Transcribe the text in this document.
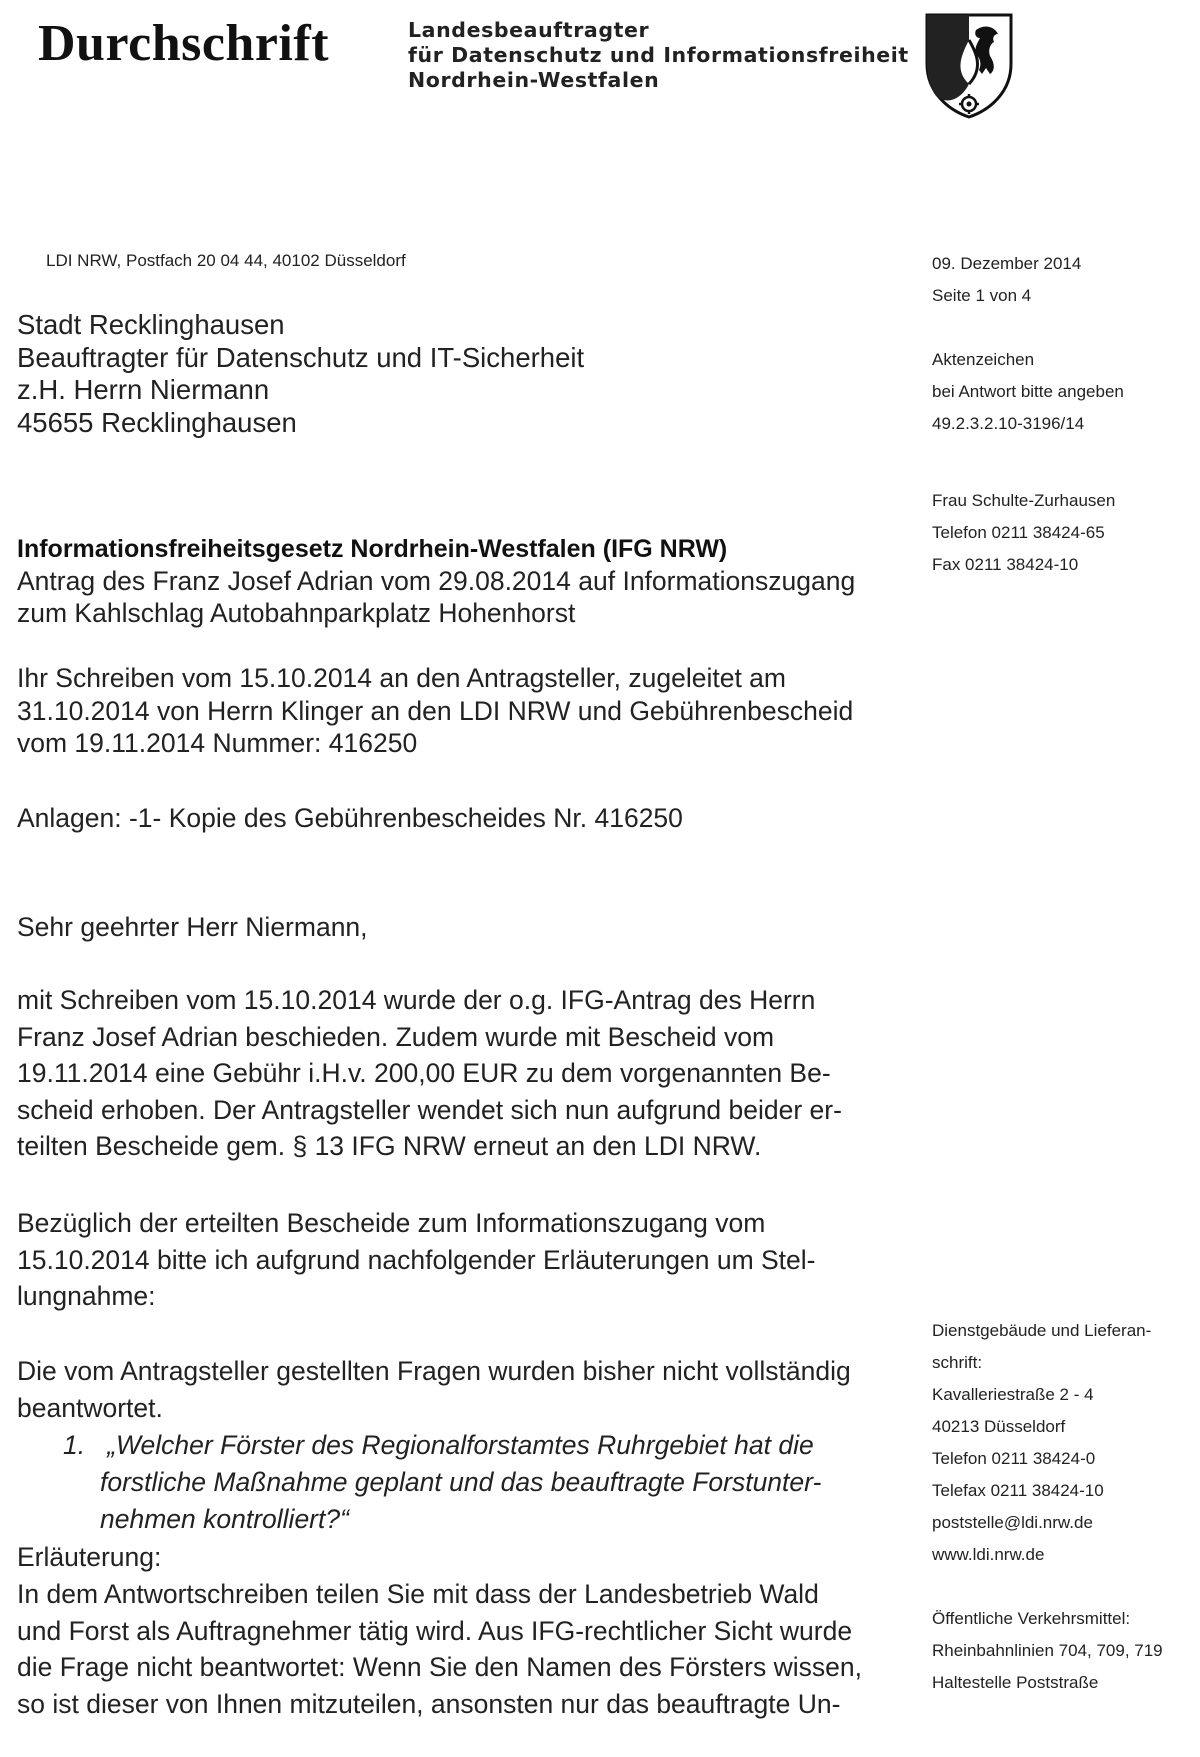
Durchschrift	Landesbeauftragter
für Datenschutz und Informationsfreiheit
Nordrhein-Westfalen
LDI NRW, Postfach 20 04 44, 40102 Düsseldorf
Stadt Recklinghausen
Beauftragter für Datenschutz und IT-Sicherheit
z.H. Herrn Niermann
45655 Recklinghausen
09. Dezember 2014
Seite 1 von 4
Aktenzeichen
bei Antwort bitte angeben
49.2.3.2.10-3196/14
Frau Schulte-Zurhausen
Telefon 0211 38424-65
Fax 0211 38424-10
Dienstgebäude und Lieferan-
schrift:
Kavalleriestraße 2 - 4
40213 Düsseldorf
Telefon 0211 38424-0
Telefax 0211 38424-10
poststelle@ldi.nrw.de
www.ldi.nrw.de
Öffentliche Verkehrsmittel:
Rheinbahnlinien 704, 709, 719
Haltestelle Poststraße
Informationsfreiheitsgesetz Nordrhein-Westfalen (IFG NRW)
Antrag des Franz Josef Adrian vom 29.08.2014 auf Informationszugang
zum Kahlschlag Autobahnparkplatz Hohenhorst
Ihr Schreiben vom 15.10.2014 an den Antragsteller, zugeleitet am
31.10.2014 von Herrn Klinger an den LDI NRW und Gebührenbescheid
vom 19.11.2014 Nummer: 416250
Anlagen: -1- Kopie des Gebührenbescheides Nr. 416250
Sehr geehrter Herr Niermann,
mit Schreiben vom 15.10.2014 wurde der o.g. IFG-Antrag des Herrn
Franz Josef Adrian beschieden. Zudem wurde mit Bescheid vom
19.11.2014 eine Gebühr i.H.v. 200,00 EUR zu dem vorgenannten Be-
scheid erhoben. Der Antragsteller wendet sich nun aufgrund beider er-
teilten Bescheide gem. § 13 IFG NRW erneut an den LDI NRW.
Bezüglich der erteilten Bescheide zum Informationszugang vom
15.10.2014 bitte ich aufgrund nachfolgender Erläuterungen um Stel-
lungnahme:
Die vom Antragsteller gestellten Fragen wurden bisher nicht vollständig
beantwortet.
1. „Welcher Förster des Regionalforstamtes Ruhrgebiet hat die
forstliche Maßnahme geplant und das beauftragte Forstunter-
nehmen kontrolliert?“
Erläuterung:
In dem Antwortschreiben teilen Sie mit dass der Landesbetrieb Wald
und Forst als Auftragnehmer tätig wird. Aus IFG-rechtlicher Sicht wurde
die Frage nicht beantwortet: Wenn Sie den Namen des Försters wissen,
so ist dieser von Ihnen mitzuteilen, ansonsten nur das beauftragte Un-
